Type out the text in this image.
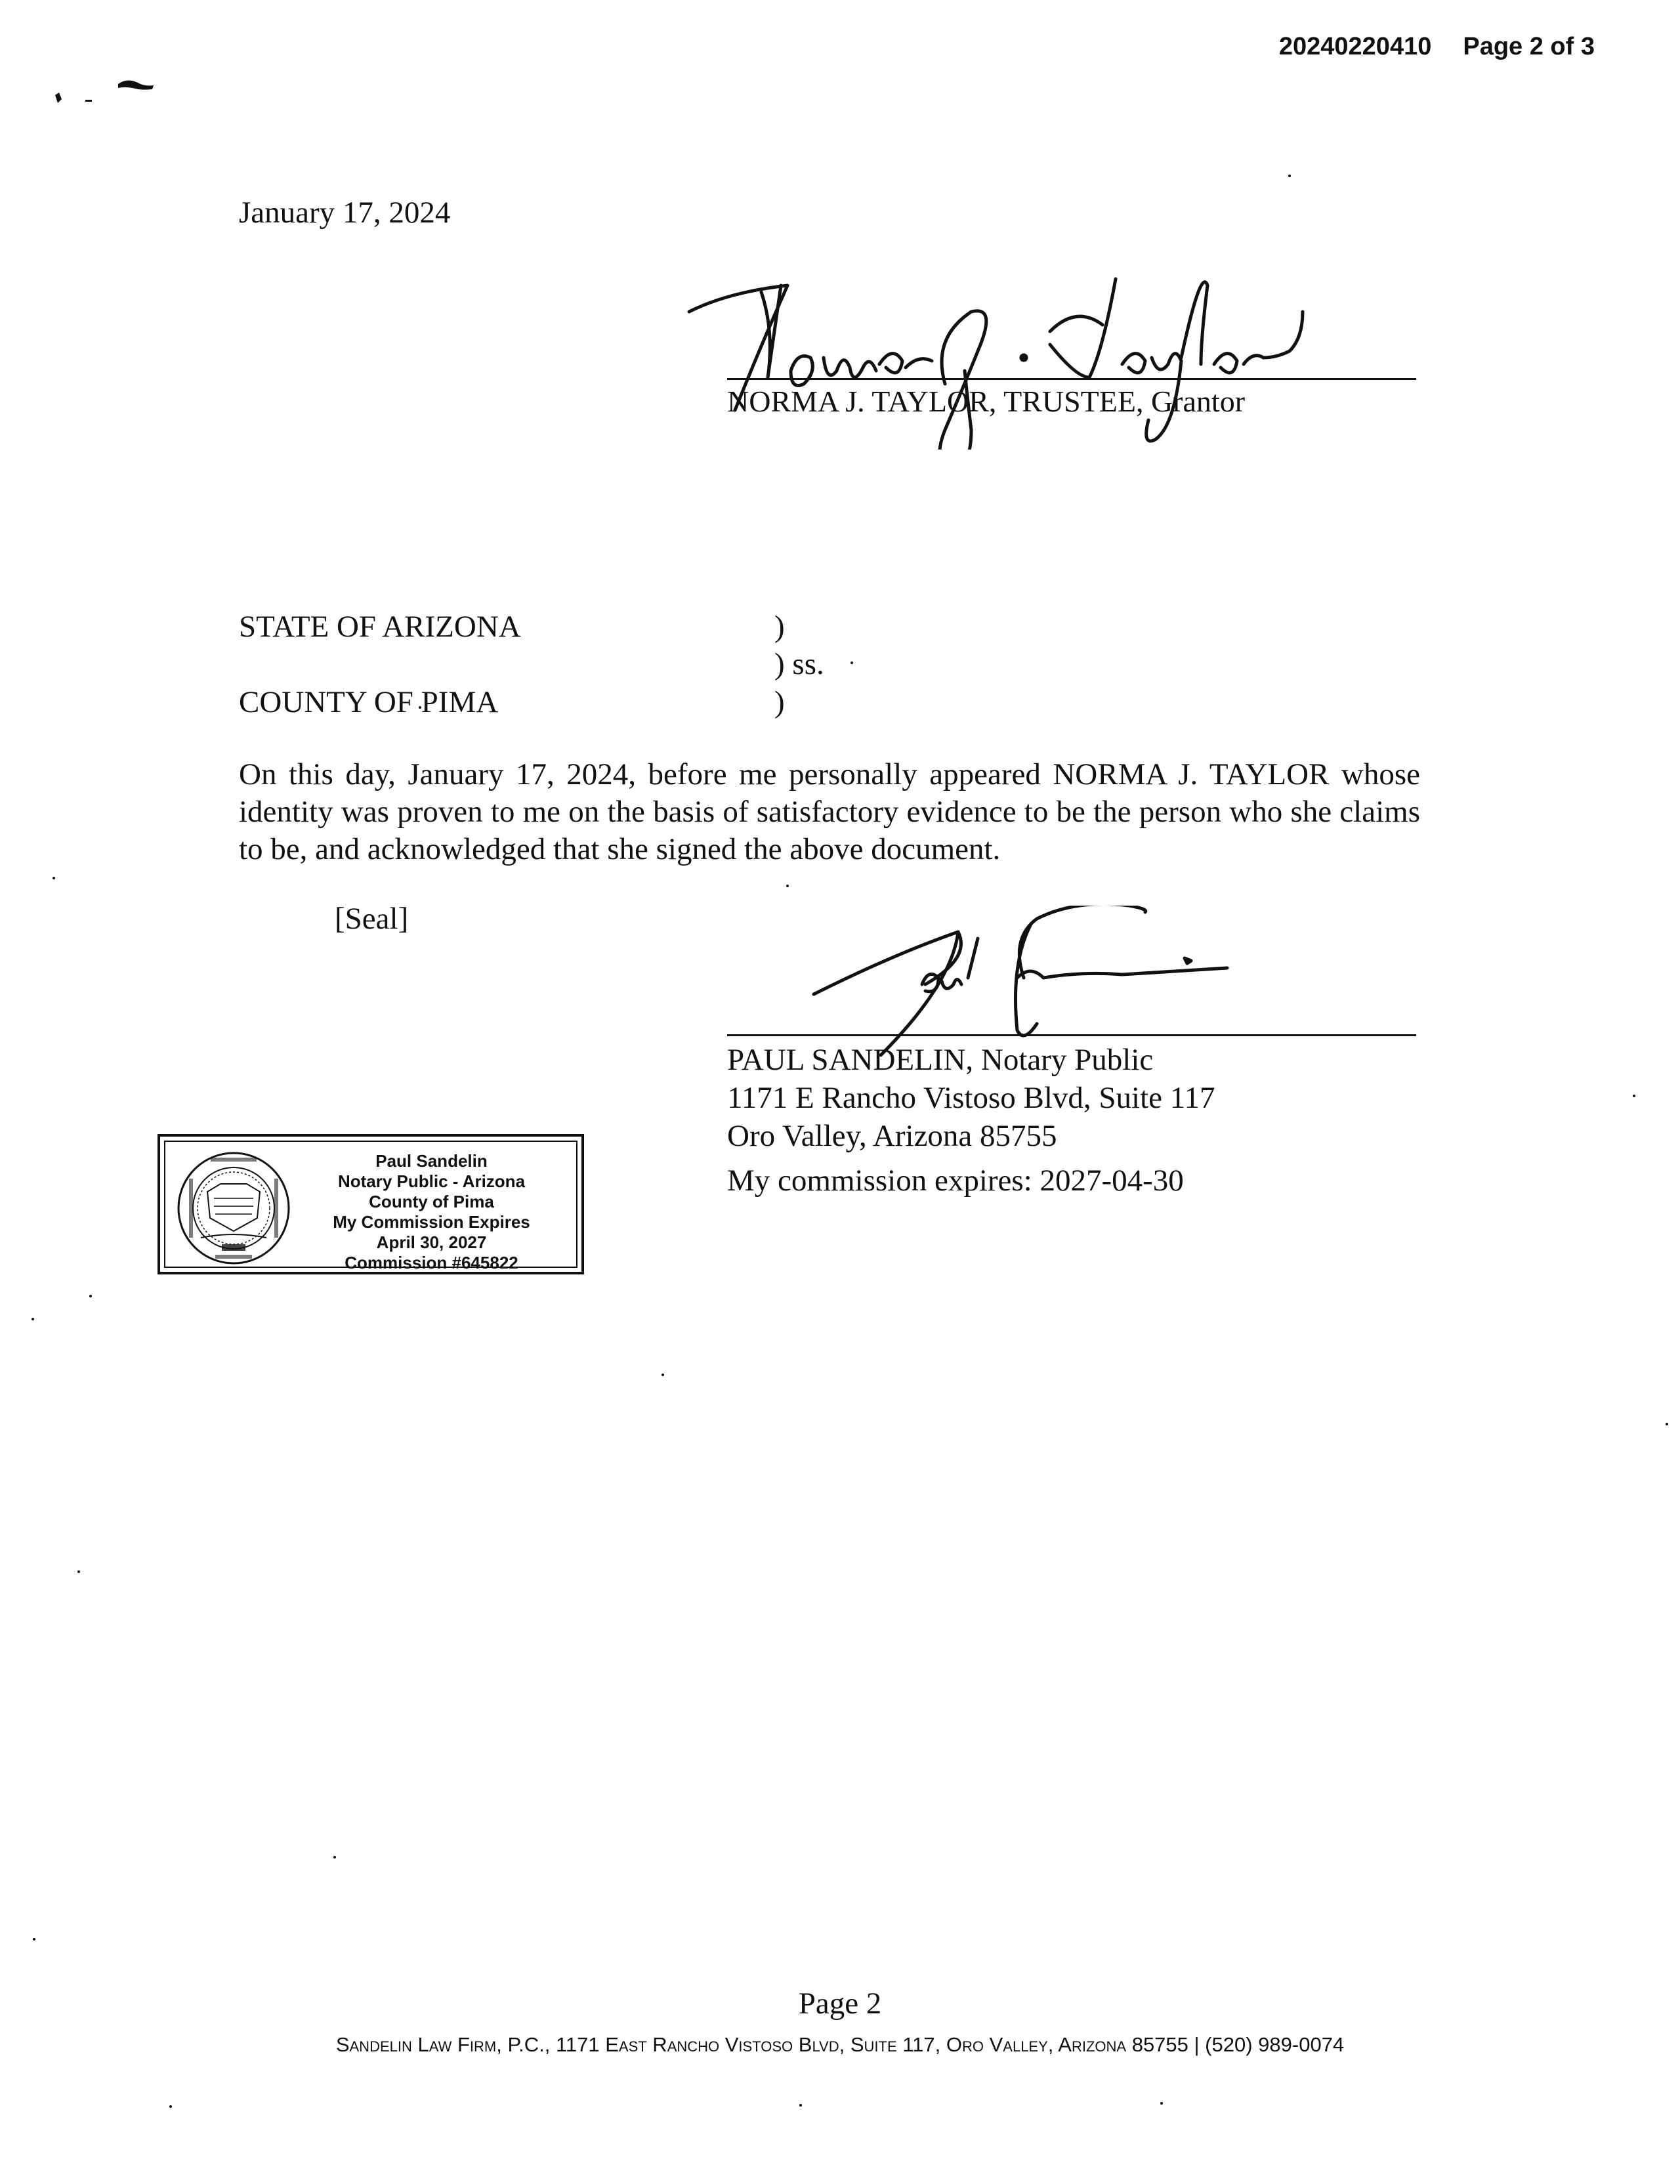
20240220410 Page 2 of 3
January 17, 2024
NORMA J. TAYLOR, TRUSTEE, Grantor
STATE OF ARIZONA
COUNTY OF PIMA
)
) ss.
)
On this day, January 17, 2024, before me personally appeared NORMA J. TAYLOR whose identity was proven to me on the basis of satisfactory evidence to be the person who she claims to be, and acknowledged that she signed the above document.
[Seal]
PAUL SANDELIN, Notary Public
1171 E Rancho Vistoso Blvd, Suite 117
Oro Valley, Arizona 85755
My commission expires: 2027-04-30
Paul Sandelin
Notary Public - Arizona
County of Pima
My Commission Expires
April 30, 2027
Commission #645822
Page 2
Sandelin Law Firm, P.C., 1171 East Rancho Vistoso Blvd, Suite 117, Oro Valley, Arizona 85755 | (520) 989-0074
